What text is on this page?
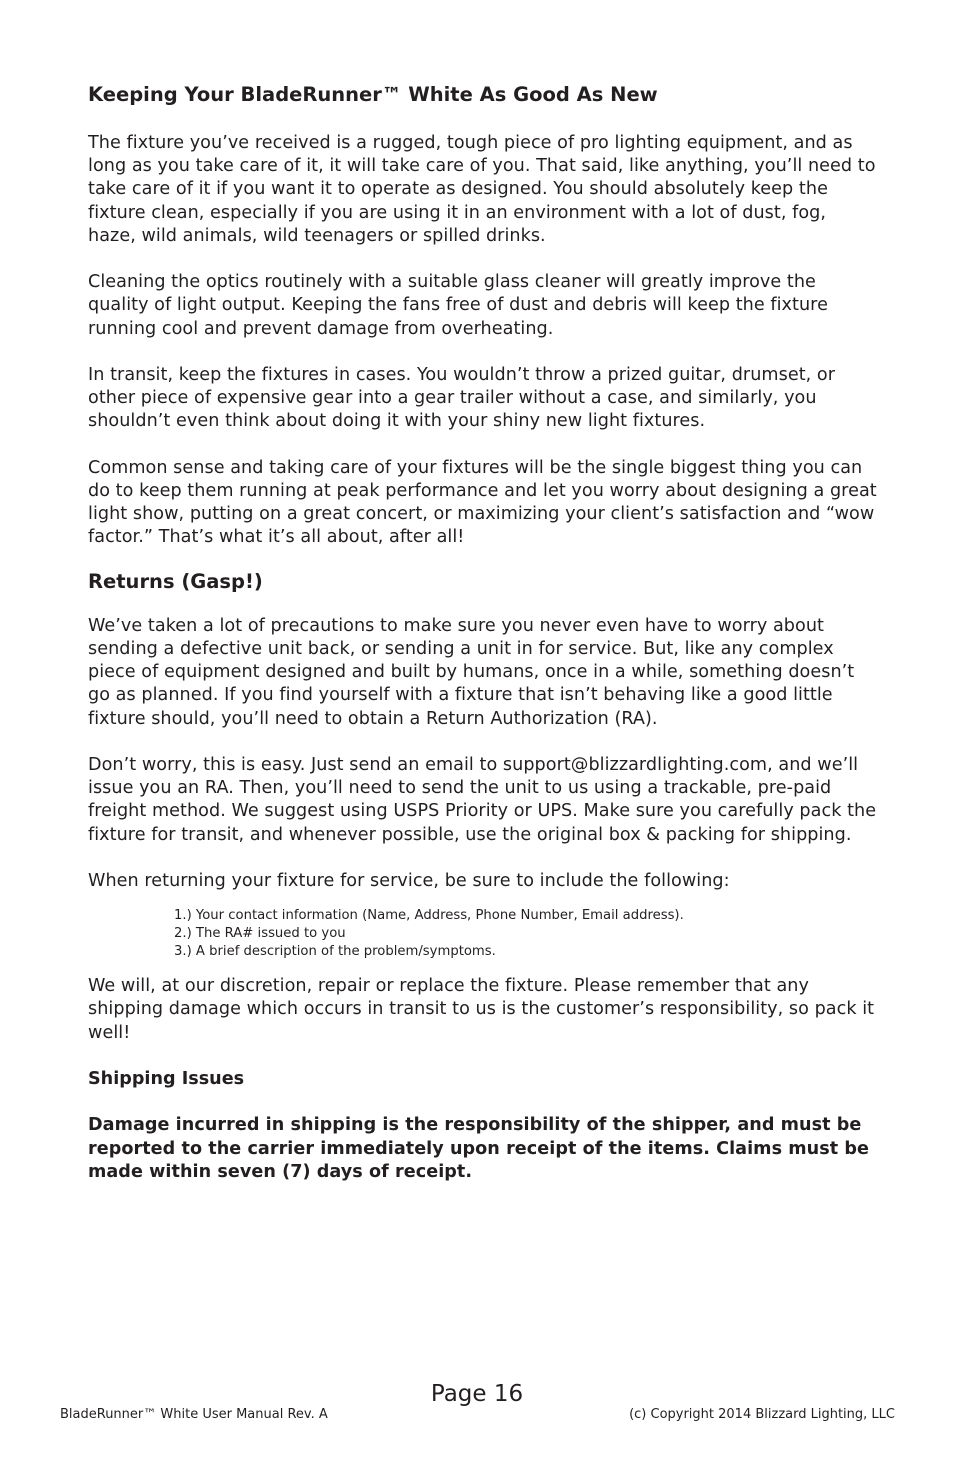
Keeping Your BladeRunner™ White As Good As New

The fixture you’ve received is a rugged, tough piece of pro lighting equipment, and as long as you take care of it, it will take care of you. That said, like anything, you’ll need to take care of it if you want it to operate as designed. You should absolutely keep the fixture clean, especially if you are using it in an environment with a lot of dust, fog, haze, wild animals, wild teenagers or spilled drinks.

Cleaning the optics routinely with a suitable glass cleaner will greatly improve the quality of light output. Keeping the fans free of dust and debris will keep the fixture running cool and prevent damage from overheating.

In transit, keep the fixtures in cases. You wouldn’t throw a prized guitar, drumset, or other piece of expensive gear into a gear trailer without a case, and similarly, you shouldn’t even think about doing it with your shiny new light fixtures.

Common sense and taking care of your fixtures will be the single biggest thing you can do to keep them running at peak performance and let you worry about designing a great light show, putting on a great concert, or maximizing your client’s satisfaction and “wow factor.” That’s what it’s all about, after all!

Returns (Gasp!)

We’ve taken a lot of precautions to make sure you never even have to worry about sending a defective unit back, or sending a unit in for service. But, like any complex piece of equipment designed and built by humans, once in a while, something doesn’t go as planned. If you find yourself with a fixture that isn’t behaving like a good little fixture should, you’ll need to obtain a Return Authorization (RA).

Don’t worry, this is easy. Just send an email to support@blizzardlighting.com, and we’ll issue you an RA. Then, you’ll need to send the unit to us using a trackable, pre-paid freight method. We suggest using USPS Priority or UPS. Make sure you carefully pack the fixture for transit, and whenever possible, use the original box & packing for shipping.

When returning your fixture for service, be sure to include the following:

1.) Your contact information (Name, Address, Phone Number, Email address).
2.) The RA# issued to you
3.) A brief description of the problem/symptoms.

We will, at our discretion, repair or replace the fixture. Please remember that any shipping damage which occurs in transit to us is the customer’s responsibility, so pack it well!

Shipping Issues

Damage incurred in shipping is the responsibility of the shipper, and must be reported to the carrier immediately upon receipt of the items. Claims must be made within seven (7) days of receipt.

Page 16
BladeRunner™ White User Manual Rev. A	(c) Copyright 2014 Blizzard Lighting, LLC
